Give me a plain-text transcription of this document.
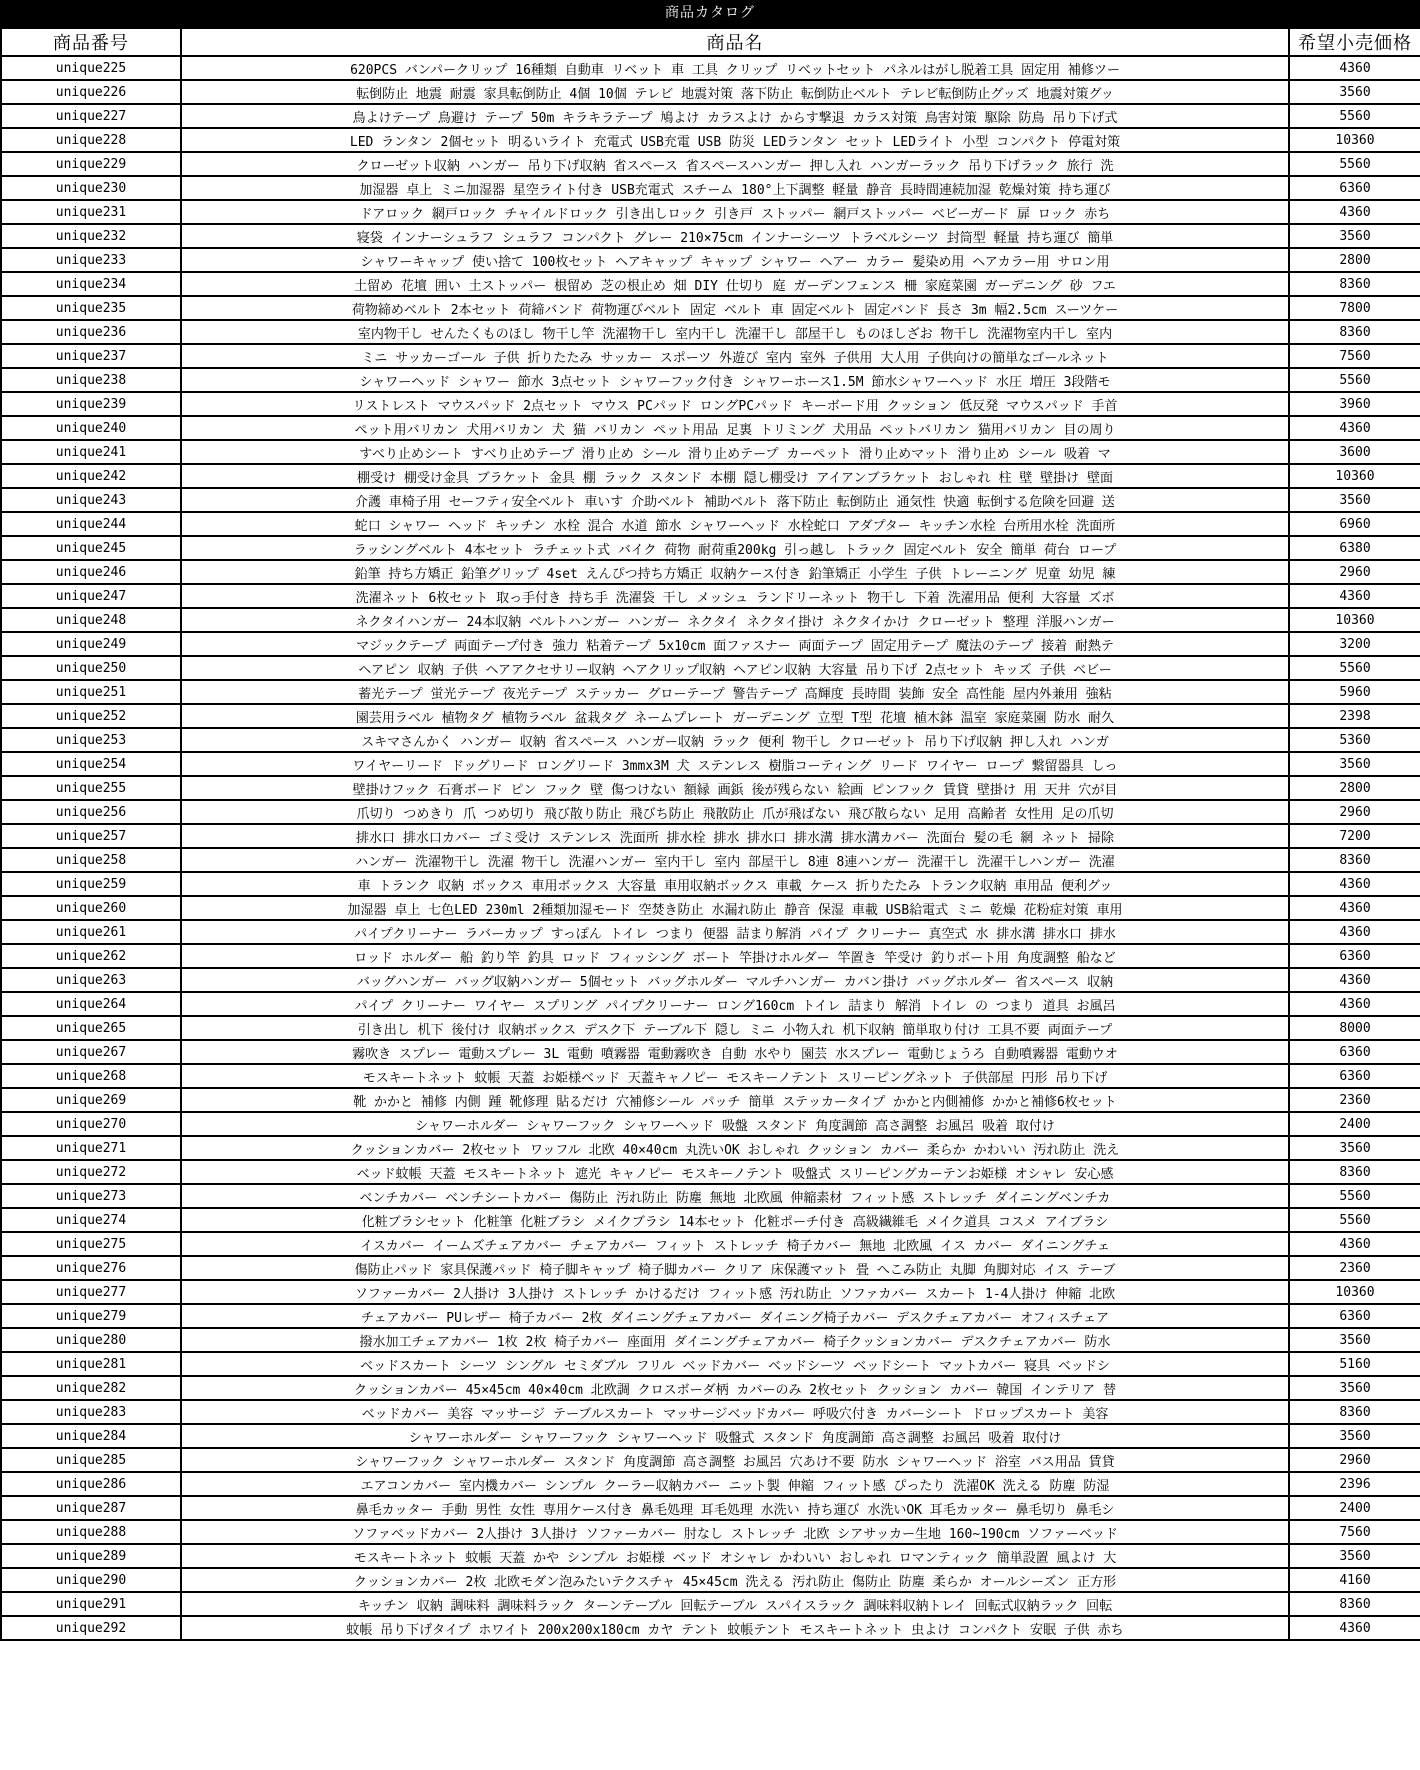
商品カタログ
商品番号	商品名	希望小売価格
unique225	620PCS バンパークリップ 16種類 自動車 リベット 車 工具 クリップ リベットセット パネルはがし脱着工具 固定用 補修ツー	4360
unique226	転倒防止 地震 耐震 家具転倒防止 4個 10個 テレビ 地震対策 落下防止 転倒防止ベルト テレビ転倒防止グッズ 地震対策グッ	3560
unique227	鳥よけテープ 鳥避け テープ 50m キラキラテープ 鳩よけ カラスよけ からす撃退 カラス対策 鳥害対策 駆除 防鳥 吊り下げ式	5560
unique228	LED ランタン 2個セット 明るいライト 充電式 USB充電 USB 防災 LEDランタン セット LEDライト 小型 コンパクト 停電対策	10360
unique229	クローゼット収納 ハンガー 吊り下げ収納 省スペース 省スペースハンガー 押し入れ ハンガーラック 吊り下げラック 旅行 洗	5560
unique230	加湿器 卓上 ミニ加湿器 星空ライト付き USB充電式 スチーム 180°上下調整 軽量 静音 長時間連続加湿 乾燥対策 持ち運び	6360
unique231	ドアロック 網戸ロック チャイルドロック 引き出しロック 引き戸 ストッパー 網戸ストッパー ベビーガード 扉 ロック 赤ち	4360
unique232	寝袋 インナーシュラフ シュラフ コンパクト グレー 210×75cm インナーシーツ トラベルシーツ 封筒型 軽量 持ち運び 簡単	3560
unique233	シャワーキャップ 使い捨て 100枚セット ヘアキャップ キャップ シャワー ヘアー カラー 髪染め用 ヘアカラー用 サロン用	2800
unique234	土留め 花壇 囲い 土ストッパー 根留め 芝の根止め 畑 DIY 仕切り 庭 ガーデンフェンス 柵 家庭菜園 ガーデニング 砂 フエ	8360
unique235	荷物締めベルト 2本セット 荷締バンド 荷物運びベルト 固定 ベルト 車 固定ベルト 固定バンド 長さ 3m 幅2.5cm スーツケー	7800
unique236	室内物干し せんたくものほし 物干し竿 洗濯物干し 室内干し 洗濯干し 部屋干し ものほしざお 物干し 洗濯物室内干し 室内	8360
unique237	ミニ サッカーゴール 子供 折りたたみ サッカー スポーツ 外遊び 室内 室外 子供用 大人用 子供向けの簡単なゴールネット	7560
unique238	シャワーヘッド シャワー 節水 3点セット シャワーフック付き シャワーホース1.5M 節水シャワーヘッド 水圧 増圧 3段階モ	5560
unique239	リストレスト マウスパッド 2点セット マウス PCパッド ロングPCパッド キーボード用 クッション 低反発 マウスパッド 手首	3960
unique240	ペット用バリカン 犬用バリカン 犬 猫 バリカン ペット用品 足裏 トリミング 犬用品 ペットバリカン 猫用バリカン 目の周り	4360
unique241	すべり止めシート すべり止めテープ 滑り止め シール 滑り止めテープ カーペット 滑り止めマット 滑り止め シール 吸着 マ	3600
unique242	棚受け 棚受け金具 ブラケット 金具 棚 ラック スタンド 本棚 隠し棚受け アイアンブラケット おしゃれ 柱 壁 壁掛け 壁面	10360
unique243	介護 車椅子用 セーフティ安全ベルト 車いす 介助ベルト 補助ベルト 落下防止 転倒防止 通気性 快適 転倒する危険を回避 送	3560
unique244	蛇口 シャワー ヘッド キッチン 水栓 混合 水道 節水 シャワーヘッド 水栓蛇口 アダプター キッチン水栓 台所用水栓 洗面所	6960
unique245	ラッシングベルト 4本セット ラチェット式 バイク 荷物 耐荷重200kg 引っ越し トラック 固定ベルト 安全 簡単 荷台 ロープ	6380
unique246	鉛筆 持ち方矯正 鉛筆グリップ 4set えんぴつ持ち方矯正 収納ケース付き 鉛筆矯正 小学生 子供 トレーニング 児童 幼児 練	2960
unique247	洗濯ネット 6枚セット 取っ手付き 持ち手 洗濯袋 干し メッシュ ランドリーネット 物干し 下着 洗濯用品 便利 大容量 ズボ	4360
unique248	ネクタイハンガー 24本収納 ベルトハンガー ハンガー ネクタイ ネクタイ掛け ネクタイかけ クローゼット 整理 洋服ハンガー	10360
unique249	マジックテープ 両面テープ付き 強力 粘着テープ 5x10cm 面ファスナー 両面テープ 固定用テープ 魔法のテープ 接着 耐熱テ	3200
unique250	ヘアピン 収納 子供 ヘアアクセサリー収納 ヘアクリップ収納 ヘアピン収納 大容量 吊り下げ 2点セット キッズ 子供 ベビー	5560
unique251	蓄光テープ 蛍光テープ 夜光テープ ステッカー グローテープ 警告テープ 高輝度 長時間 装飾 安全 高性能 屋内外兼用 強粘	5960
unique252	園芸用ラベル 植物タグ 植物ラベル 盆栽タグ ネームプレート ガーデニング 立型 T型 花壇 植木鉢 温室 家庭菜園 防水 耐久	2398
unique253	スキマさんかく ハンガー 収納 省スペース ハンガー収納 ラック 便利 物干し クローゼット 吊り下げ収納 押し入れ ハンガ	5360
unique254	ワイヤーリード ドッグリード ロングリード 3mmx3M 犬 ステンレス 樹脂コーティング リード ワイヤー ロープ 繋留器具 しっ	3560
unique255	壁掛けフック 石膏ボード ピン フック 壁 傷つけない 額縁 画鋲 後が残らない 絵画 ピンフック 賃貸 壁掛け 用 天井 穴が目	2800
unique256	爪切り つめきり 爪 つめ切り 飛び散り防止 飛びち防止 飛散防止 爪が飛ばない 飛び散らない 足用 高齢者 女性用 足の爪切	2960
unique257	排水口 排水口カバー ゴミ受け ステンレス 洗面所 排水栓 排水 排水口 排水溝 排水溝カバー 洗面台 髪の毛 網 ネット 掃除	7200
unique258	ハンガー 洗濯物干し 洗濯 物干し 洗濯ハンガー 室内干し 室内 部屋干し 8連 8連ハンガー 洗濯干し 洗濯干しハンガー 洗濯	8360
unique259	車 トランク 収納 ボックス 車用ボックス 大容量 車用収納ボックス 車載 ケース 折りたたみ トランク収納 車用品 便利グッ	4360
unique260	加湿器 卓上 七色LED 230ml 2種類加湿モード 空焚き防止 水漏れ防止 静音 保湿 車載 USB給電式 ミニ 乾燥 花粉症対策 車用	4360
unique261	パイプクリーナー ラバーカップ すっぽん トイレ つまり 便器 詰まり解消 パイプ クリーナー 真空式 水 排水溝 排水口 排水	4360
unique262	ロッド ホルダー 船 釣り竿 釣具 ロッド フィッシング ボート 竿掛けホルダー 竿置き 竿受け 釣りボート用 角度調整 船など	6360
unique263	バッグハンガー バッグ収納ハンガー 5個セット バッグホルダー マルチハンガー カバン掛け バッグホルダー 省スペース 収納	4360
unique264	パイプ クリーナー ワイヤー スプリング パイプクリーナー ロング160cm トイレ 詰まり 解消 トイレ の つまり 道具 お風呂	4360
unique265	引き出し 机下 後付け 収納ボックス デスク下 テーブル下 隠し ミニ 小物入れ 机下収納 簡単取り付け 工具不要 両面テープ	8000
unique267	霧吹き スプレー 電動スプレー 3L 電動 噴霧器 電動霧吹き 自動 水やり 園芸 水スプレー 電動じょうろ 自動噴霧器 電動ウオ	6360
unique268	モスキートネット 蚊帳 天蓋 お姫様ベッド 天蓋キャノピー モスキーノテント スリーピングネット 子供部屋 円形 吊り下げ	6360
unique269	靴 かかと 補修 内側 踵 靴修理 貼るだけ 穴補修シール パッチ 簡単 ステッカータイプ かかと内側補修 かかと補修6枚セット	2360
unique270	シャワーホルダー シャワーフック シャワーヘッド 吸盤 スタンド 角度調節 高さ調整 お風呂 吸着 取付け	2400
unique271	クッションカバー 2枚セット ワッフル 北欧 40×40cm 丸洗いOK おしゃれ クッション カバー 柔らか かわいい 汚れ防止 洗え	3560
unique272	ベッド蚊帳 天蓋 モスキートネット 遮光 キャノピー モスキーノテント 吸盤式 スリーピングカーテンお姫様 オシャレ 安心感	8360
unique273	ベンチカバー ベンチシートカバー 傷防止 汚れ防止 防塵 無地 北欧風 伸縮素材 フィット感 ストレッチ ダイニングベンチカ	5560
unique274	化粧ブラシセット 化粧筆 化粧ブラシ メイクブラシ 14本セット 化粧ポーチ付き 高級繊維毛 メイク道具 コスメ アイブラシ	5560
unique275	イスカバー イームズチェアカバー チェアカバー フィット ストレッチ 椅子カバー 無地 北欧風 イス カバー ダイニングチェ	4360
unique276	傷防止パッド 家具保護パッド 椅子脚キャップ 椅子脚カバー クリア 床保護マット 畳 へこみ防止 丸脚 角脚対応 イス テーブ	2360
unique277	ソファーカバー 2人掛け 3人掛け ストレッチ かけるだけ フィット感 汚れ防止 ソファカバー スカート 1-4人掛け 伸縮 北欧	10360
unique279	チェアカバー PUレザー 椅子カバー 2枚 ダイニングチェアカバー ダイニング椅子カバー デスクチェアカバー オフィスチェア	6360
unique280	撥水加工チェアカバー 1枚 2枚 椅子カバー 座面用 ダイニングチェアカバー 椅子クッションカバー デスクチェアカバー 防水	3560
unique281	ベッドスカート シーツ シングル セミダブル フリル ベッドカバー ベッドシーツ ベッドシート マットカバー 寝具 ベッドシ	5160
unique282	クッションカバー 45×45cm 40×40cm 北欧調 クロスボーダ柄 カバーのみ 2枚セット クッション カバー 韓国 インテリア 替	3560
unique283	ベッドカバー 美容 マッサージ テーブルスカート マッサージベッドカバー 呼吸穴付き カバーシート ドロップスカート 美容	8360
unique284	シャワーホルダー シャワーフック シャワーヘッド 吸盤式 スタンド 角度調節 高さ調整 お風呂 吸着 取付け	3560
unique285	シャワーフック シャワーホルダー スタンド 角度調節 高さ調整 お風呂 穴あけ不要 防水 シャワーヘッド 浴室 バス用品 賃貸	2960
unique286	エアコンカバー 室内機カバー シンプル クーラー収納カバー ニット製 伸縮 フィット感 ぴったり 洗濯OK 洗える 防塵 防湿	2396
unique287	鼻毛カッター 手動 男性 女性 専用ケース付き 鼻毛処理 耳毛処理 水洗い 持ち運び 水洗いOK 耳毛カッター 鼻毛切り 鼻毛シ	2400
unique288	ソファベッドカバー 2人掛け 3人掛け ソファーカバー 肘なし ストレッチ 北欧 シアサッカー生地 160~190cm ソファーベッド	7560
unique289	モスキートネット 蚊帳 天蓋 かや シンプル お姫様 ベッド オシャレ かわいい おしゃれ ロマンティック 簡単設置 風よけ 大	3560
unique290	クッションカバー 2枚 北欧モダン泡みたいテクスチャ 45×45cm 洗える 汚れ防止 傷防止 防塵 柔らか オールシーズン 正方形	4160
unique291	キッチン 収納 調味料 調味料ラック ターンテーブル 回転テーブル スパイスラック 調味料収納トレイ 回転式収納ラック 回転	8360
unique292	蚊帳 吊り下げタイプ ホワイト 200x200x180cm カヤ テント 蚊帳テント モスキートネット 虫よけ コンパクト 安眠 子供 赤ち	4360
